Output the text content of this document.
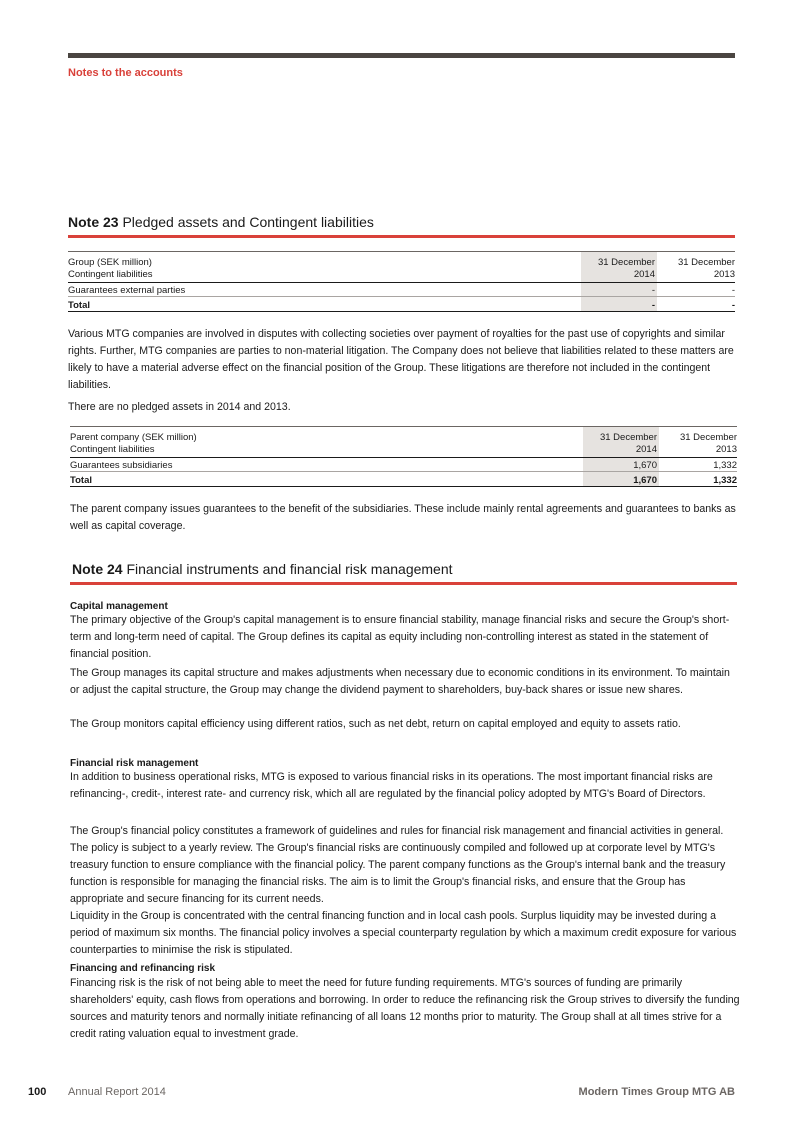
Notes to the accounts
Note 23 Pledged assets and Contingent liabilities
Group (SEK million)	31 December	31 December
Contingent liabilities	2014	2013
Guarantees external parties	-	-
Total	-	-
Various MTG companies are involved in disputes with collecting societies over payment of royalties for the past use of copyrights and similar rights. Further, MTG companies are parties to non-material litigation. The Company does not believe that liabilities related to these matters are likely to have a material adverse effect on the financial position of the Group. These litigations are therefore not included in the contingent liabilities.
There are no pledged assets in 2014 and 2013.
Parent company (SEK million)	31 December	31 December
Contingent liabilities	2014	2013
Guarantees subsidiaries	1,670	1,332
Total	1,670	1,332
The parent company issues guarantees to the benefit of the subsidiaries. These include mainly rental agreements and guarantees to banks as well as capital coverage.
Note 24 Financial instruments and financial risk management
Capital management
The primary objective of the Group's capital management is to ensure financial stability, manage financial risks and secure the Group's short-term and long-term need of capital. The Group defines its capital as equity including non-controlling interest as stated in the statement of financial position.
The Group manages its capital structure and makes adjustments when necessary due to economic conditions in its environment. To maintain or adjust the capital structure, the Group may change the dividend payment to shareholders, buy-back shares or issue new shares.
The Group monitors capital efficiency using different ratios, such as net debt, return on capital employed and equity to assets ratio.
Financial risk management
In addition to business operational risks, MTG is exposed to various financial risks in its operations. The most important financial risks are refinancing-, credit-, interest rate- and currency risk, which all are regulated by the financial policy adopted by MTG's Board of Directors.
The Group's financial policy constitutes a framework of guidelines and rules for financial risk management and financial activities in general. The policy is subject to a yearly review. The Group's financial risks are continuously compiled and followed up at corporate level by MTG's treasury function to ensure compliance with the financial policy. The parent company functions as the Group's internal bank and the treasury function is responsible for managing the financial risks. The aim is to limit the Group's financial risks, and ensure that the Group has appropriate and secure financing for its current needs.
Liquidity in the Group is concentrated with the central financing function and in local cash pools. Surplus liquidity may be invested during a period of maximum six months. The financial policy involves a special counterparty regulation by which a maximum credit exposure for various counterparties to minimise the risk is stipulated.
Financing and refinancing risk
Financing risk is the risk of not being able to meet the need for future funding requirements. MTG's sources of funding are primarily shareholders' equity, cash flows from operations and borrowing. In order to reduce the refinancing risk the Group strives to diversify the funding sources and maturity tenors and normally initiate refinancing of all loans 12 months prior to maturity. The Group shall at all times strive for a credit rating valuation equal to investment grade.
100 Annual Report 2014	Modern Times Group MTG AB
